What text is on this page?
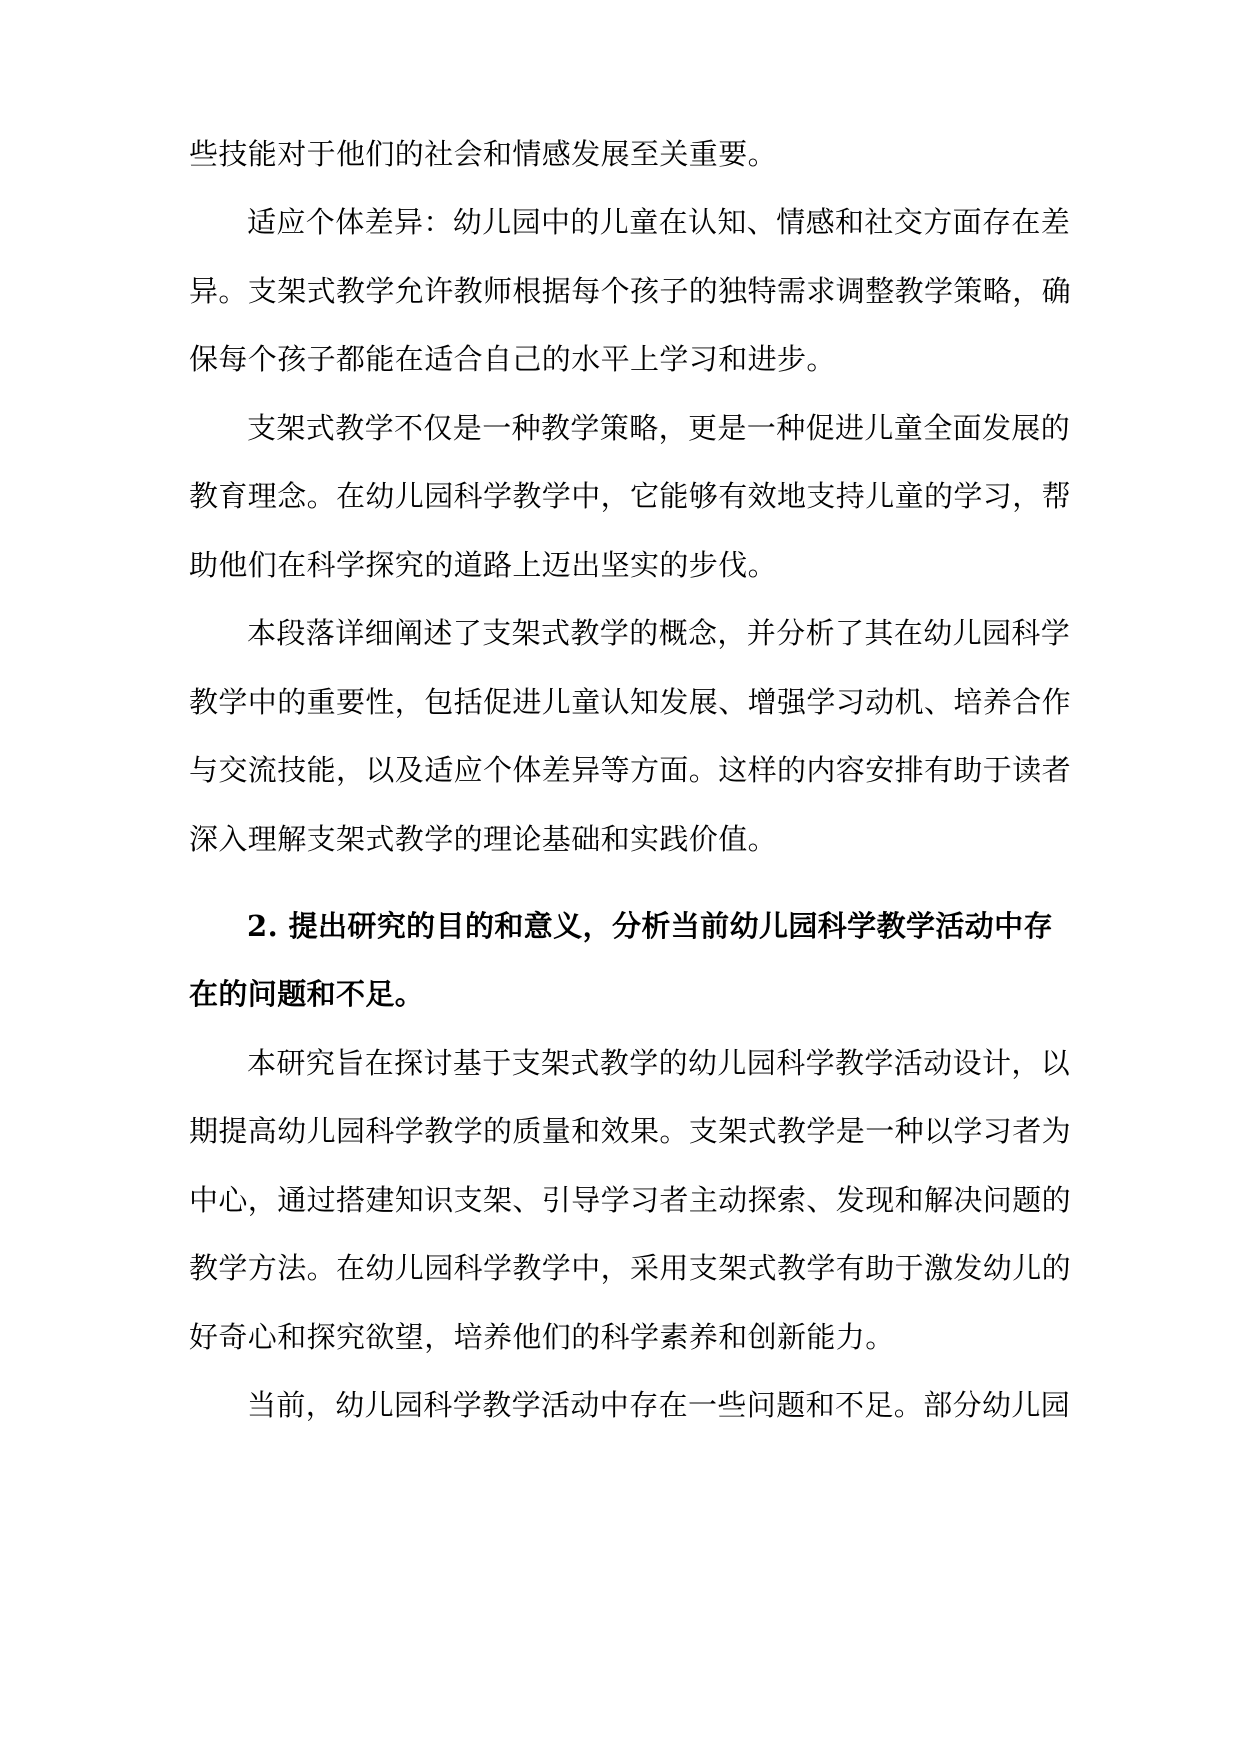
些技能对于他们的社会和情感发展至关重要。
适应个体差异：幼儿园中的儿童在认知、情感和社交方面存在差
异。支架式教学允许教师根据每个孩子的独特需求调整教学策略，确
保每个孩子都能在适合自己的水平上学习和进步。
支架式教学不仅是一种教学策略，更是一种促进儿童全面发展的
教育理念。在幼儿园科学教学中，它能够有效地支持儿童的学习，帮
助他们在科学探究的道路上迈出坚实的步伐。
本段落详细阐述了支架式教学的概念，并分析了其在幼儿园科学
教学中的重要性，包括促进儿童认知发展、增强学习动机、培养合作
与交流技能，以及适应个体差异等方面。这样的内容安排有助于读者
深入理解支架式教学的理论基础和实践价值。
2. 提出研究的目的和意义，分析当前幼儿园科学教学活动中存
在的问题和不足。
本研究旨在探讨基于支架式教学的幼儿园科学教学活动设计，以
期提高幼儿园科学教学的质量和效果。支架式教学是一种以学习者为
中心，通过搭建知识支架、引导学习者主动探索、发现和解决问题的
教学方法。在幼儿园科学教学中，采用支架式教学有助于激发幼儿的
好奇心和探究欲望，培养他们的科学素养和创新能力。
当前，幼儿园科学教学活动中存在一些问题和不足。部分幼儿园
